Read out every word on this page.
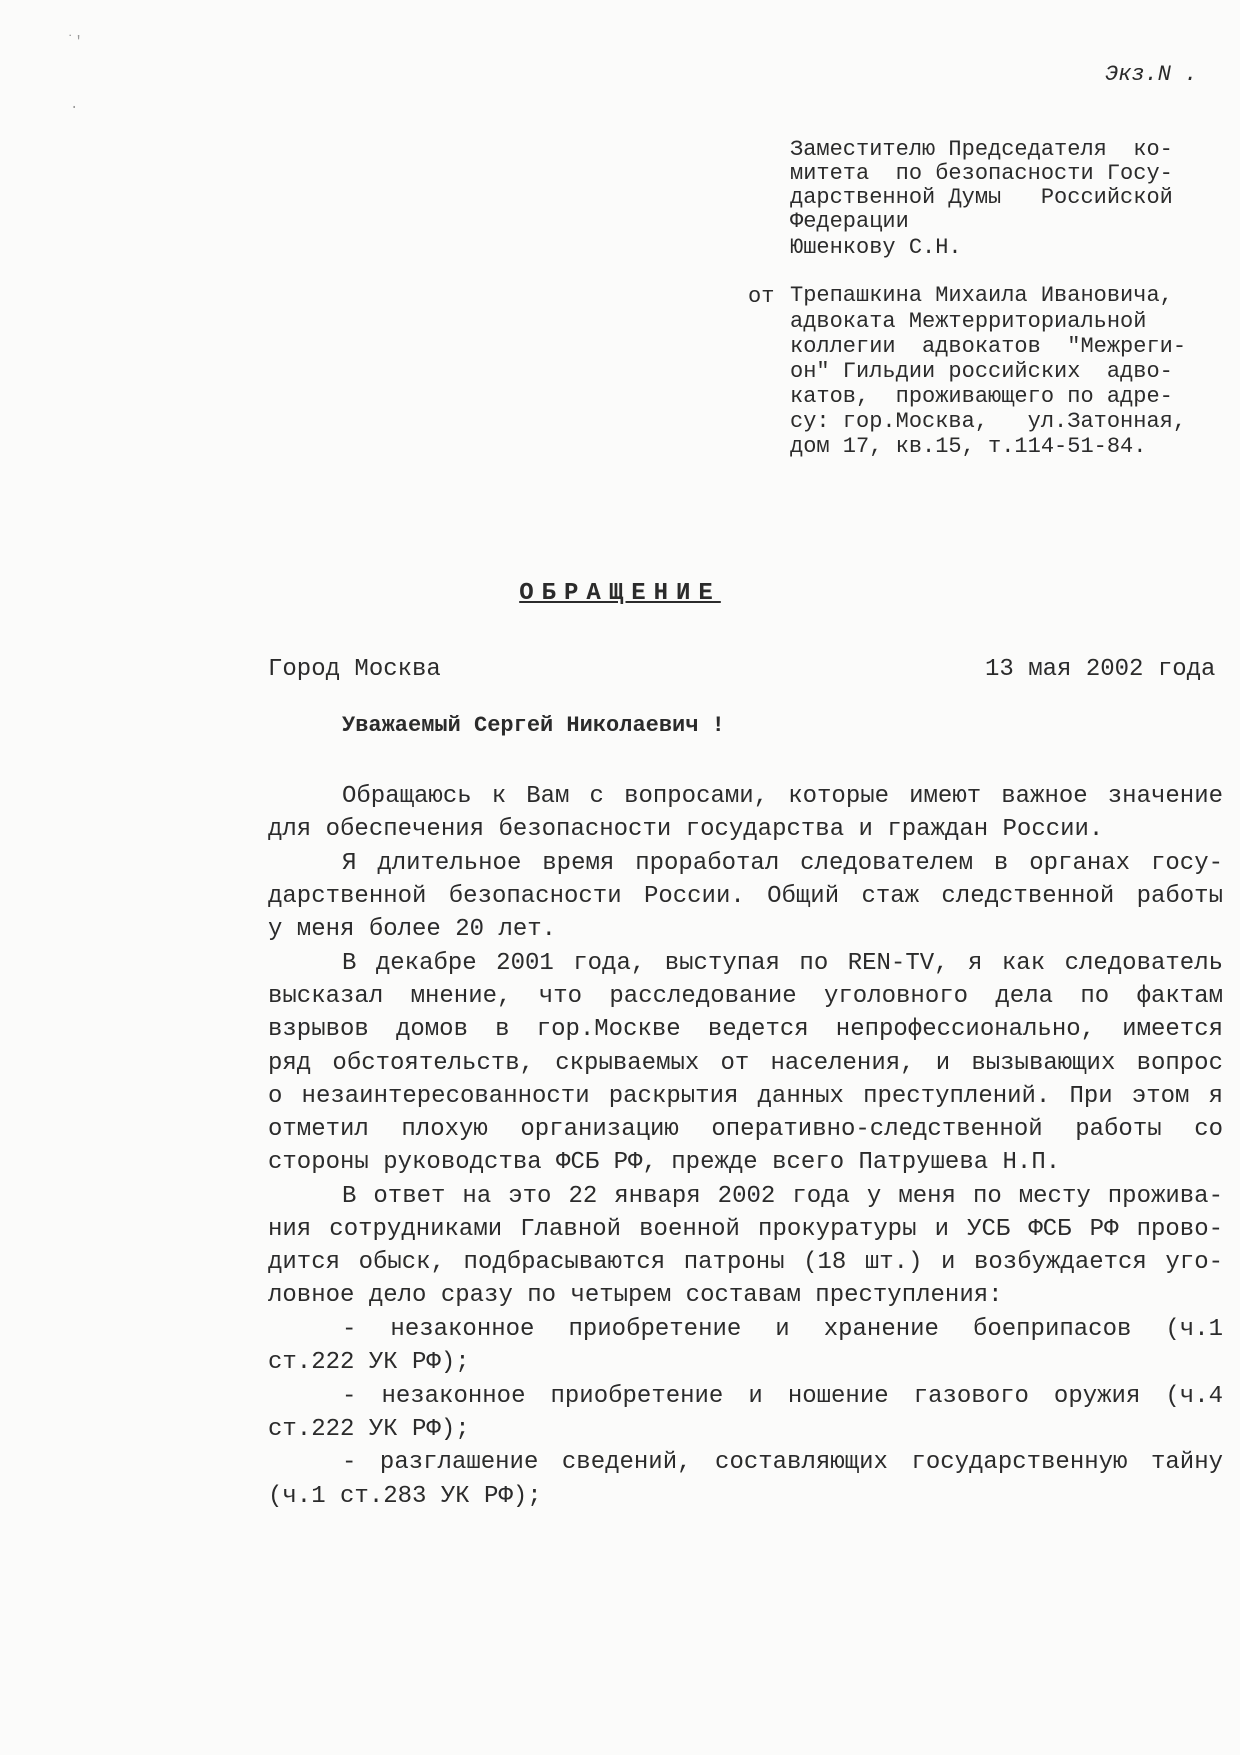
˙'
·
Экз.N .
Заместителю Председателя  ко-
митета  по безопасности Госу-
дарственной Думы   Российской
Федерации
Юшенкову С.Н.
от Трепашкина Михаила Ивановича,
адвоката Межтерриториальной
коллегии  адвокатов  "Межреги-
он" Гильдии российских  адво-
катов,  проживающего по адре-
су: гор.Москва,   ул.Затонная,
дом 17, кв.15, т.114-51-84.
ОБРАЩЕНИЕ
Город Москва	13 мая 2002 года
Уважаемый Сергей Николаевич !
Обращаюсь к Вам с вопросами, которые имеют важное значение
для обеспечения безопасности государства и граждан России.
Я длительное время проработал следователем в органах госу-
дарственной безопасности России. Общий стаж следственной работы
у меня более 20 лет.
В декабре 2001 года, выступая по REN-TV, я как следователь
высказал мнение, что расследование уголовного дела по фактам
взрывов домов в гор.Москве ведется непрофессионально, имеется
ряд обстоятельств, скрываемых от населения, и вызывающих вопрос
о незаинтересованности раскрытия данных преступлений. При этом я
отметил плохую организацию оперативно-следственной работы со
стороны руководства ФСБ РФ, прежде всего Патрушева Н.П.
В ответ на это 22 января 2002 года у меня по месту прожива-
ния сотрудниками Главной военной прокуратуры и УСБ ФСБ РФ прово-
дится обыск, подбрасываются патроны (18 шт.) и возбуждается уго-
ловное дело сразу по четырем составам преступления:
- незаконное приобретение и хранение боеприпасов (ч.1
ст.222 УК РФ);
- незаконное приобретение и ношение газового оружия (ч.4
ст.222 УК РФ);
- разглашение сведений, составляющих государственную тайну
(ч.1 ст.283 УК РФ);
